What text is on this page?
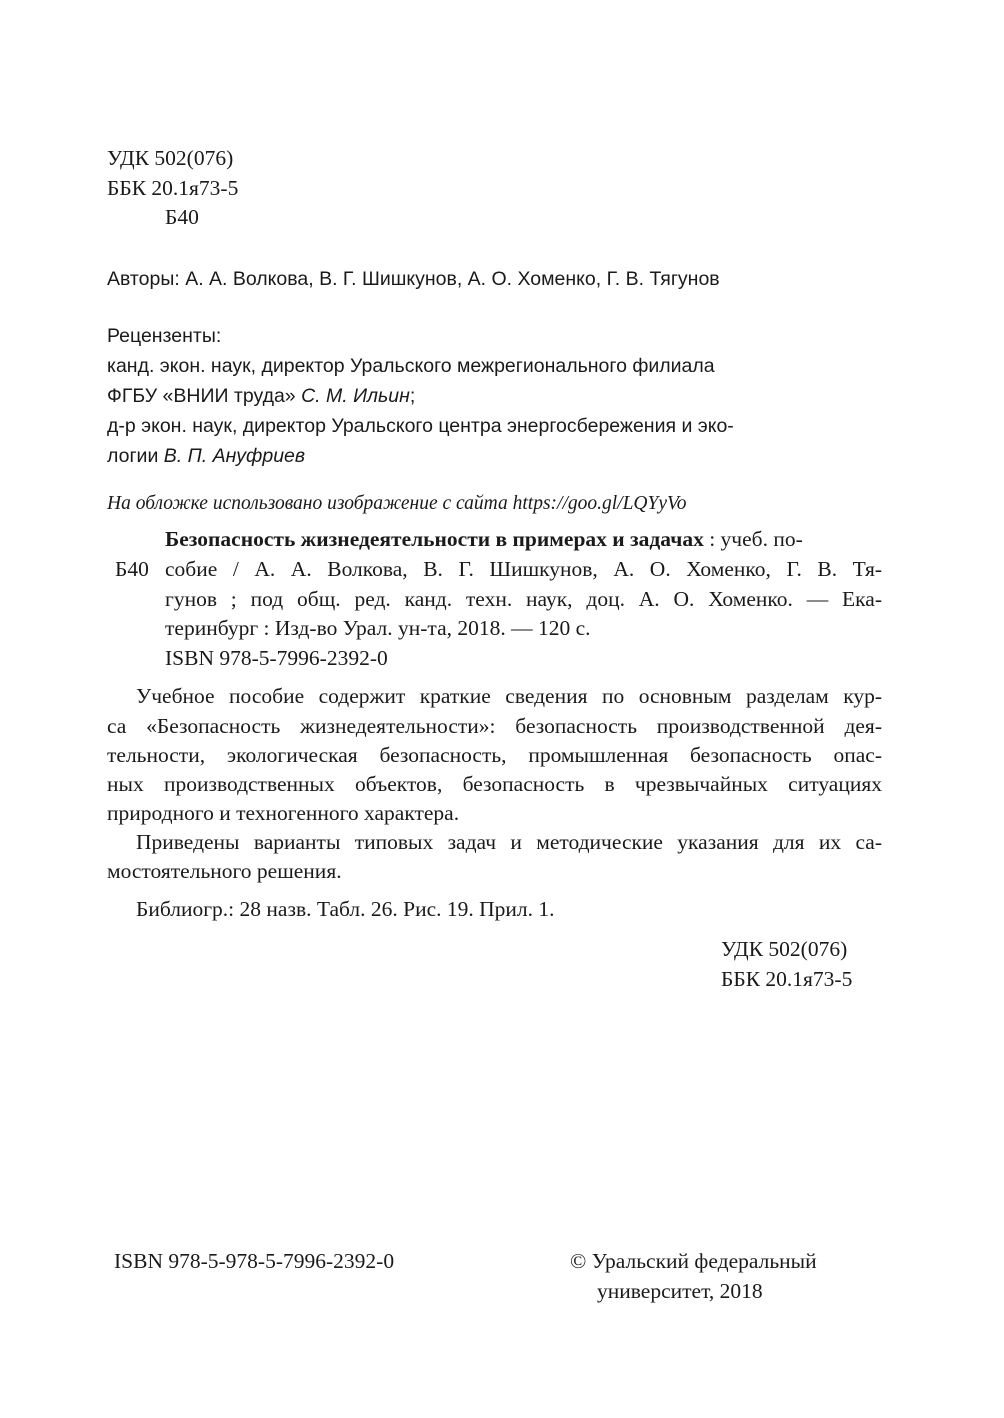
УДК 502(076)
ББК 20.1я73-5
Б40
Авторы: А. А. Волкова, В. Г. Шишкунов, А. О. Хоменко, Г. В. Тягунов
Рецензенты:
канд. экон. наук, директор Уральского межрегионального филиала
ФГБУ «ВНИИ труда» С. М. Ильин;
д-р экон. наук, директор Уральского центра энергосбережения и эко-
логии В. П. Ануфриев
На обложке использовано изображение с сайта https://goo.gl/LQYyVo
Безопасность жизнедеятельности в примерах и задачах : учеб. по-
Б40 собие / А. А. Волкова, В. Г. Шишкунов, А. О. Хоменко, Г. В. Тя-
гунов ; под общ. ред. канд. техн. наук, доц. А. О. Хоменко. — Ека-
теринбург : Изд-во Урал. ун-та, 2018. — 120 с.
ISBN 978-5-7996-2392-0
Учебное пособие содержит краткие сведения по основным разделам кур-
са «Безопасность жизнедеятельности»: безопасность производственной дея-
тельности, экологическая безопасность, промышленная безопасность опас-
ных производственных объектов, безопасность в чрезвычайных ситуациях
природного и техногенного характера.
Приведены варианты типовых задач и методические указания для их са-
мостоятельного решения.
Библиогр.: 28 назв. Табл. 26. Рис. 19. Прил. 1.
УДК 502(076)
ББК 20.1я73-5
ISBN 978-5-978-5-7996-2392-0	© Уральский федеральный
университет, 2018
